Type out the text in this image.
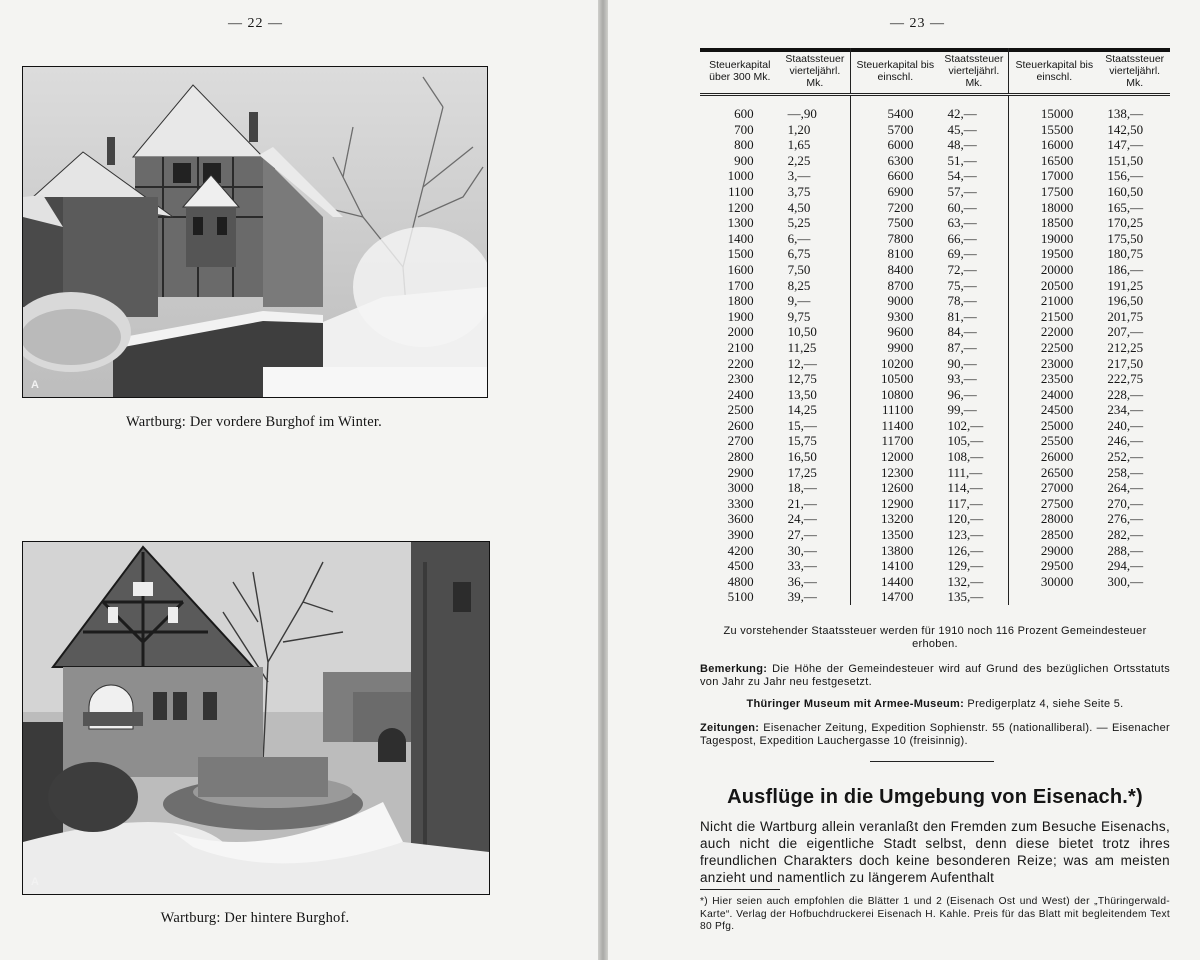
— 22 —
A
Wartburg: Der vordere Burghof im Winter.
A
Wartburg: Der hintere Burghof.
— 23 —
Steuerkapital über 300 Mk.	Staatssteuer vierteljährl. Mk.	Steuerkapital bis einschl.	Staatssteuer vierteljährl. Mk.	Steuerkapital bis einschl.	Staatssteuer vierteljährl. Mk.
600	—,90	5400	42,—	15000	138,—
700	1,20	5700	45,—	15500	142,50
800	1,65	6000	48,—	16000	147,—
900	2,25	6300	51,—	16500	151,50
1000	3,—	6600	54,—	17000	156,—
1100	3,75	6900	57,—	17500	160,50
1200	4,50	7200	60,—	18000	165,—
1300	5,25	7500	63,—	18500	170,25
1400	6,—	7800	66,—	19000	175,50
1500	6,75	8100	69,—	19500	180,75
1600	7,50	8400	72,—	20000	186,—
1700	8,25	8700	75,—	20500	191,25
1800	9,—	9000	78,—	21000	196,50
1900	9,75	9300	81,—	21500	201,75
2000	10,50	9600	84,—	22000	207,—
2100	11,25	9900	87,—	22500	212,25
2200	12,—	10200	90,—	23000	217,50
2300	12,75	10500	93,—	23500	222,75
2400	13,50	10800	96,—	24000	228,—
2500	14,25	11100	99,—	24500	234,—
2600	15,—	11400	102,—	25000	240,—
2700	15,75	11700	105,—	25500	246,—
2800	16,50	12000	108,—	26000	252,—
2900	17,25	12300	111,—	26500	258,—
3000	18,—	12600	114,—	27000	264,—
3300	21,—	12900	117,—	27500	270,—
3600	24,—	13200	120,—	28000	276,—
3900	27,—	13500	123,—	28500	282,—
4200	30,—	13800	126,—	29000	288,—
4500	33,—	14100	129,—	29500	294,—
4800	36,—	14400	132,—	30000	300,—
5100	39,—	14700	135,—		
Zu vorstehender Staatssteuer werden für 1910 noch 116 Prozent Gemeindesteuer erhoben.
Bemerkung: Die Höhe der Gemeindesteuer wird auf Grund des bezüglichen Ortsstatuts von Jahr zu Jahr neu festgesetzt.
Thüringer Museum mit Armee-Museum: Predigerplatz 4, siehe Seite 5.
Zeitungen: Eisenacher Zeitung, Expedition Sophienstr. 55 (nationalliberal). — Eisenacher Tagespost, Expedition Lauchergasse 10 (freisinnig).
Ausflüge in die Umgebung von Eisenach.*)
Nicht die Wartburg allein veranlaßt den Fremden zum Besuche Eisenachs, auch nicht die eigentliche Stadt selbst, denn diese bietet trotz ihres freundlichen Charakters doch keine besonderen Reize; was am meisten anzieht und namentlich zu längerem Aufenthalt
*) Hier seien auch empfohlen die Blätter 1 und 2 (Eisenach Ost und West) der „Thüringerwald-Karte“. Verlag der Hofbuchdruckerei Eisenach H. Kahle. Preis für das Blatt mit begleitendem Text 80 Pfg.
